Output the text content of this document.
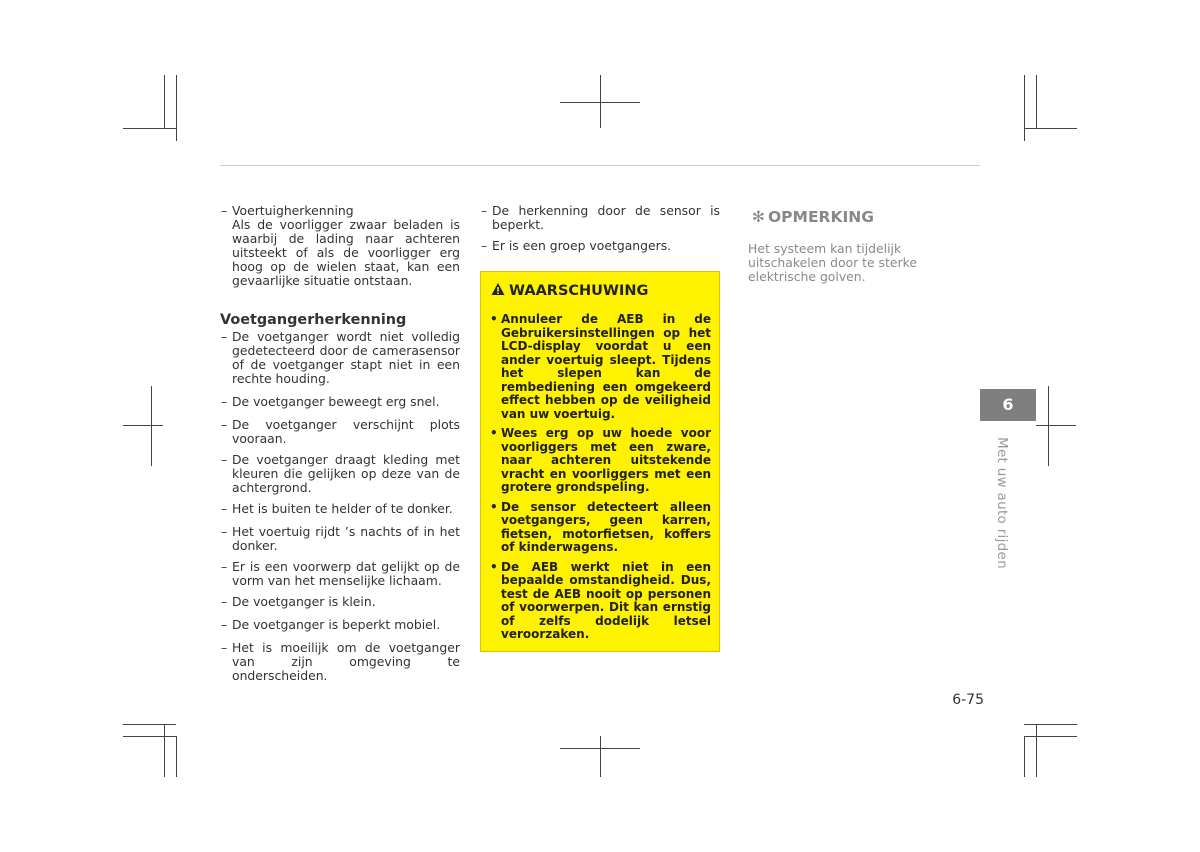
– Voertuigherkenning
Als de voorligger zwaar beladen is waarbij de lading naar achteren uitsteekt of als de voorligger erg hoog op de wielen staat, kan een gevaarlijke situatie ontstaan.
Voetgangerherkenning
– De voetganger wordt niet volledig gedetecteerd door de camerasensor of de voetganger stapt niet in een rechte houding.
– De voetganger beweegt erg snel.
– De voetganger verschijnt plots vooraan.
– De voetganger draagt kleding met kleuren die gelijken op deze van de achtergrond.
– Het is buiten te helder of te donker.
– Het voertuig rijdt ’s nachts of in het donker.
– Er is een voorwerp dat gelijkt op de vorm van het menselijke lichaam.
– De voetganger is klein.
– De voetganger is beperkt mobiel.
– Het is moeilijk om de voetganger van zijn omgeving te onderscheiden.
– De herkenning door de sensor is beperkt.
– Er is een groep voetgangers.
WAARSCHUWING
• Annuleer de AEB in de Gebruikersinstellingen op het LCD-display voordat u een ander voertuig sleept. Tijdens het slepen kan de rembediening een omgekeerd effect hebben op de veiligheid van uw voertuig.
• Wees erg op uw hoede voor voorliggers met een zware, naar achteren uitstekende vracht en voorliggers met een grotere grondspeling.
• De sensor detecteert alleen voetgangers, geen karren, fietsen, motorfietsen, koffers of kinderwagens.
• De AEB werkt niet in een bepaalde omstandigheid. Dus, test de AEB nooit op personen of voorwerpen. Dit kan ernstig of zelfs dodelijk letsel veroorzaken.
✻ OPMERKING
Het systeem kan tijdelijk uitschakelen door te sterke elektrische golven.
6
Met uw auto rijden
6-75
